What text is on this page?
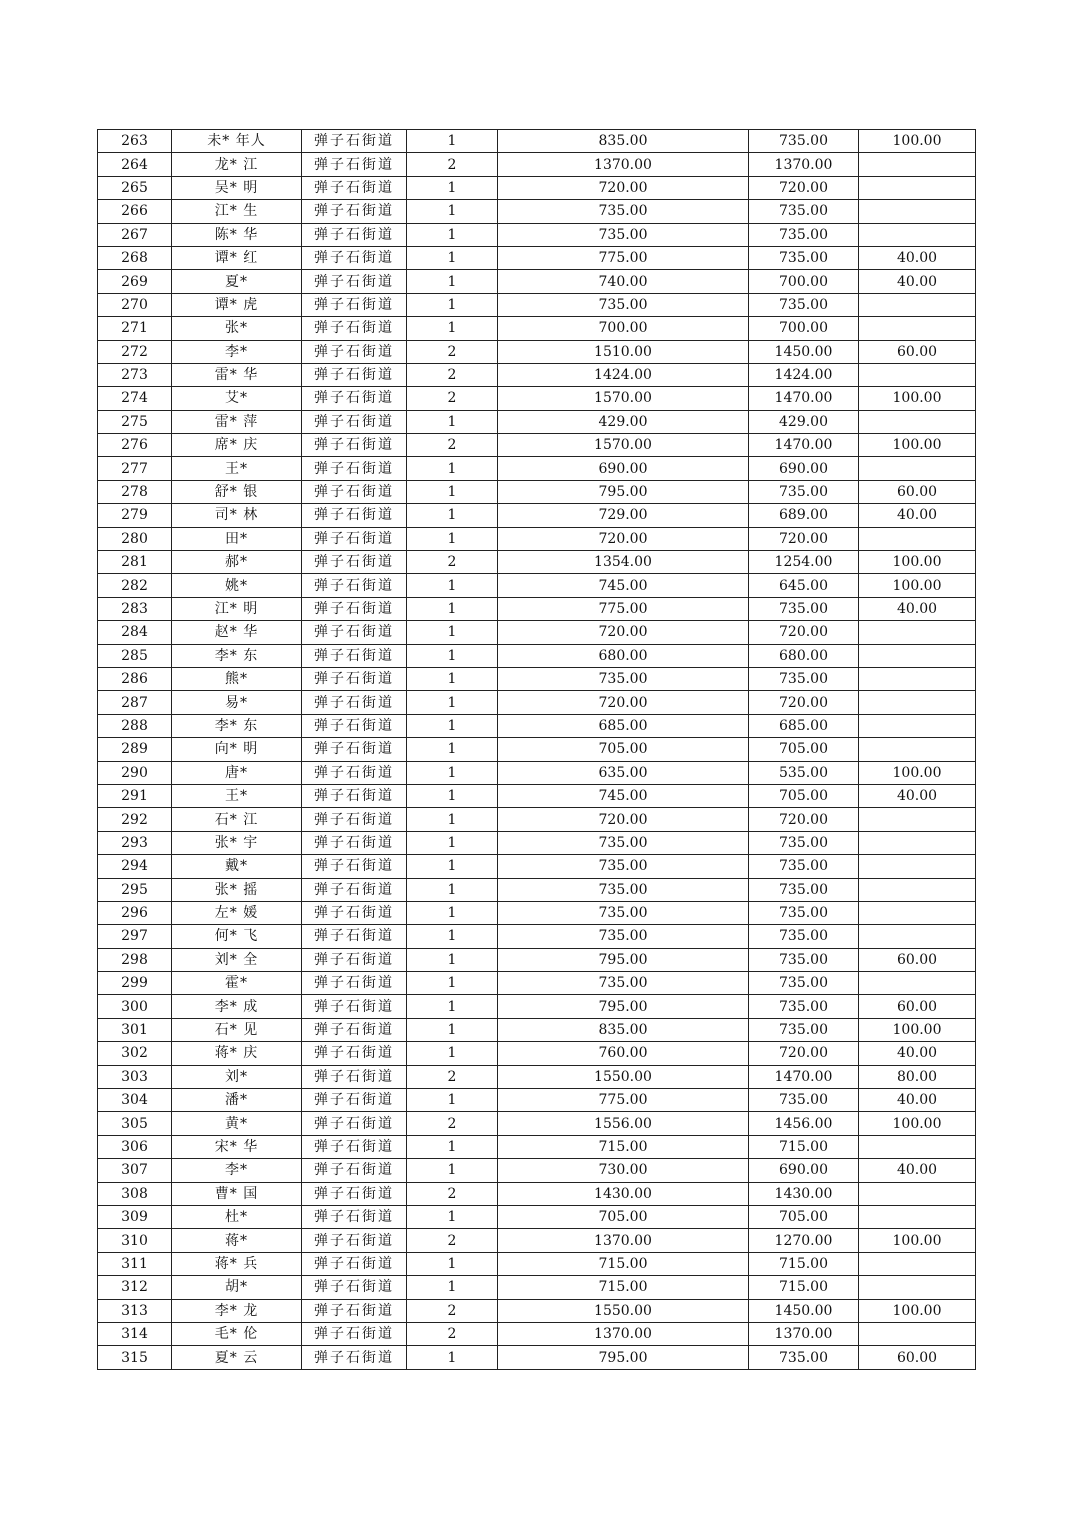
263	未* 年人	弹子石街道	1	835.00	735.00	100.00
264	龙* 江	弹子石街道	2	1370.00	1370.00	
265	吴* 明	弹子石街道	1	720.00	720.00	
266	江* 生	弹子石街道	1	735.00	735.00	
267	陈* 华	弹子石街道	1	735.00	735.00	
268	谭* 红	弹子石街道	1	775.00	735.00	40.00
269	夏*	弹子石街道	1	740.00	700.00	40.00
270	谭* 虎	弹子石街道	1	735.00	735.00	
271	张*	弹子石街道	1	700.00	700.00	
272	李*	弹子石街道	2	1510.00	1450.00	60.00
273	雷* 华	弹子石街道	2	1424.00	1424.00	
274	艾*	弹子石街道	2	1570.00	1470.00	100.00
275	雷* 萍	弹子石街道	1	429.00	429.00	
276	席* 庆	弹子石街道	2	1570.00	1470.00	100.00
277	王*	弹子石街道	1	690.00	690.00	
278	舒* 银	弹子石街道	1	795.00	735.00	60.00
279	司* 林	弹子石街道	1	729.00	689.00	40.00
280	田*	弹子石街道	1	720.00	720.00	
281	郝*	弹子石街道	2	1354.00	1254.00	100.00
282	姚*	弹子石街道	1	745.00	645.00	100.00
283	江* 明	弹子石街道	1	775.00	735.00	40.00
284	赵* 华	弹子石街道	1	720.00	720.00	
285	李* 东	弹子石街道	1	680.00	680.00	
286	熊*	弹子石街道	1	735.00	735.00	
287	易*	弹子石街道	1	720.00	720.00	
288	李* 东	弹子石街道	1	685.00	685.00	
289	向* 明	弹子石街道	1	705.00	705.00	
290	唐*	弹子石街道	1	635.00	535.00	100.00
291	王*	弹子石街道	1	745.00	705.00	40.00
292	石* 江	弹子石街道	1	720.00	720.00	
293	张* 宇	弹子石街道	1	735.00	735.00	
294	戴*	弹子石街道	1	735.00	735.00	
295	张* 摇	弹子石街道	1	735.00	735.00	
296	左* 媛	弹子石街道	1	735.00	735.00	
297	何* 飞	弹子石街道	1	735.00	735.00	
298	刘* 全	弹子石街道	1	795.00	735.00	60.00
299	霍*	弹子石街道	1	735.00	735.00	
300	李* 成	弹子石街道	1	795.00	735.00	60.00
301	石* 见	弹子石街道	1	835.00	735.00	100.00
302	蒋* 庆	弹子石街道	1	760.00	720.00	40.00
303	刘*	弹子石街道	2	1550.00	1470.00	80.00
304	潘*	弹子石街道	1	775.00	735.00	40.00
305	黄*	弹子石街道	2	1556.00	1456.00	100.00
306	宋* 华	弹子石街道	1	715.00	715.00	
307	李*	弹子石街道	1	730.00	690.00	40.00
308	曹* 国	弹子石街道	2	1430.00	1430.00	
309	杜*	弹子石街道	1	705.00	705.00	
310	蒋*	弹子石街道	2	1370.00	1270.00	100.00
311	蒋* 兵	弹子石街道	1	715.00	715.00	
312	胡*	弹子石街道	1	715.00	715.00	
313	李* 龙	弹子石街道	2	1550.00	1450.00	100.00
314	毛* 伦	弹子石街道	2	1370.00	1370.00	
315	夏* 云	弹子石街道	1	795.00	735.00	60.00
